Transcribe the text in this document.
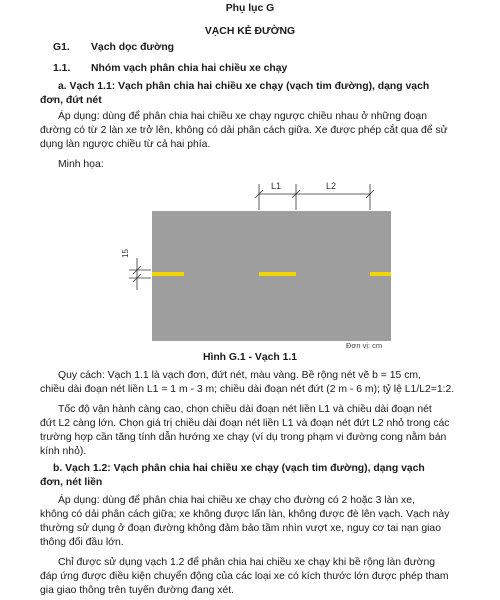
Phụ lục G
VẠCH KẺ ĐƯỜNG
G1. Vạch dọc đường
1.1. Nhóm vạch phân chia hai chiều xe chạy
a. Vạch 1.1: Vạch phân chia hai chiều xe chạy (vạch tim đường), dạng vạch
đơn, đứt nét
Áp dụng: dùng để phân chia hai chiều xe chạy ngược chiều nhau ở những đoạn
đường có từ 2 làn xe trở lên, không có dải phân cách giữa. Xe được phép cắt qua để sử
dụng làn ngược chiều từ cả hai phía.
Minh họa:
L1	L2
15
Đơn vị: cm
Hình G.1 - Vạch 1.1
Quy cách: Vạch 1.1 là vạch đơn, đứt nét, màu vàng. Bề rộng nét vẽ b = 15 cm,
chiều dài đoạn nét liền L1 = 1 m - 3 m; chiều dài đoạn nét đứt (2 m - 6 m); tỷ lệ L1/L2=1:2.
Tốc độ vận hành càng cao, chọn chiều dài đoạn nét liền L1 và chiều dài đoạn nét
đứt L2 càng lớn. Chọn giá trị chiều dài đoạn nét liền L1 và đoạn nét đứt L2 nhỏ trong các
trường hợp cần tăng tính dẫn hướng xe chạy (ví dụ trong phạm vi đường cong nằm bán
kính nhỏ).
b. Vạch 1.2: Vạch phân chia hai chiều xe chạy (vạch tim đường), dạng vạch
đơn, nét liền
Áp dụng: dùng để phân chia hai chiều xe chạy cho đường có 2 hoặc 3 làn xe,
không có dải phân cách giữa; xe không được lấn làn, không được đè lên vạch. Vạch này
thường sử dụng ở đoạn đường không đảm bảo tầm nhìn vượt xe, nguy cơ tai nạn giao
thông đối đầu lớn.
Chỉ được sử dụng vạch 1.2 để phân chia hai chiều xe chạy khi bề rộng làn đường
đáp ứng được điều kiện chuyển động của các loại xe có kích thước lớn được phép tham
gia giao thông trên tuyến đường đang xét.
